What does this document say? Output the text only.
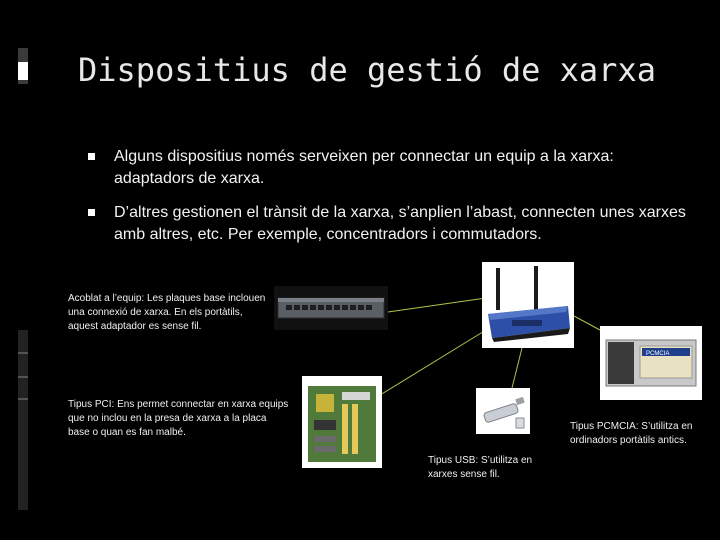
Dispositius de gestió de xarxa
Alguns dispositius només serveixen per connectar un equip a la xarxa: adaptadors de xarxa.
D’altres gestionen el trànsit de la xarxa, s’anplien l’abast, connecten unes xarxes amb altres, etc. Per exemple, concentradors i commutadors.
PCMCIA

Acoblat a l’equip: Les plaques base inclouen una connexió de xarxa. En els portàtils, aquest adaptador es sense fil.

Tipus PCI: Ens permet connectar en xarxa equips que no inclou en la presa de xarxa a la placa base o quan es fan malbé.

Tipus USB: S’utilitza en xarxes sense fil.

Tipus PCMCIA: S’utilitza en ordinadors portàtils antics.
